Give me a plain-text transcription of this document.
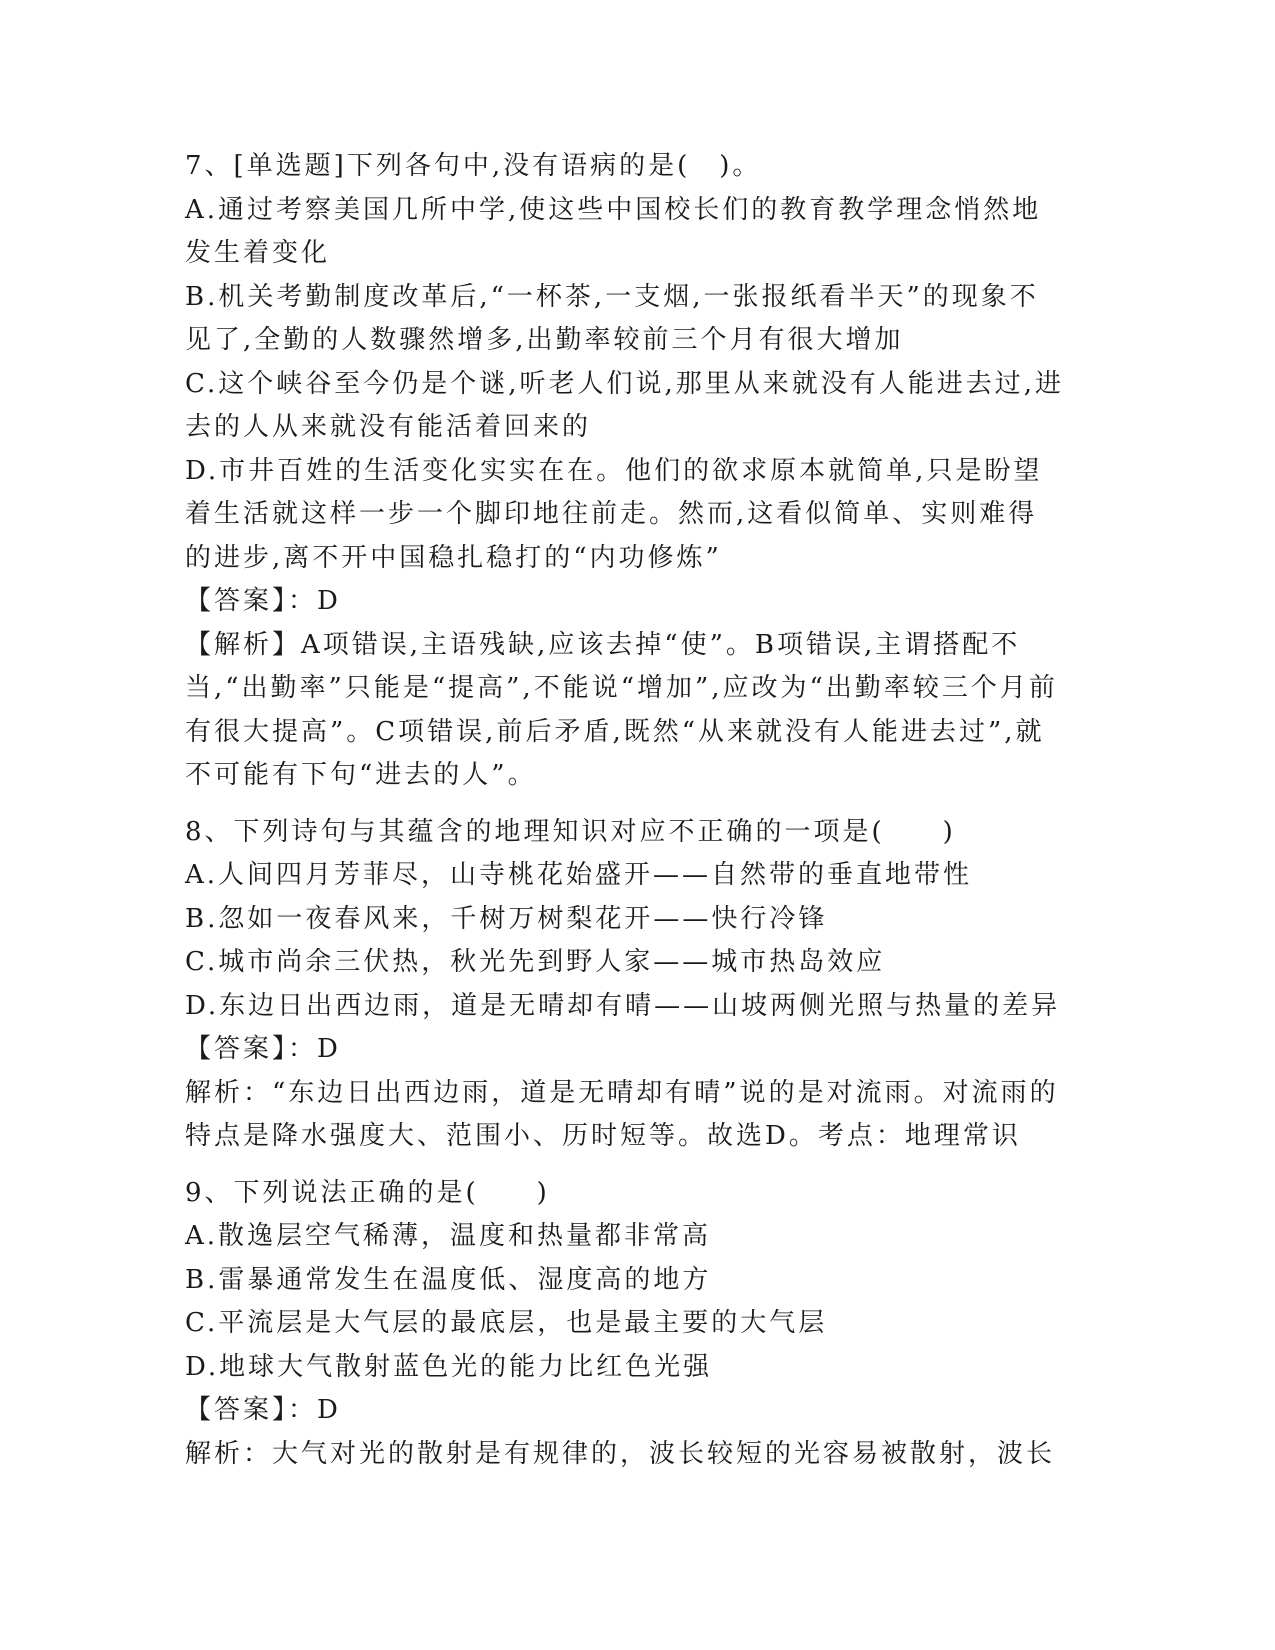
7、[单选题]下列各句中,没有语病的是(　)。
A.通过考察美国几所中学,使这些中国校长们的教育教学理念悄然地发生着变化
B.机关考勤制度改革后,“一杯茶,一支烟,一张报纸看半天”的现象不见了,全勤的人数骤然增多,出勤率较前三个月有很大增加
C.这个峡谷至今仍是个谜,听老人们说,那里从来就没有人能进去过,进去的人从来就没有能活着回来的
D.市井百姓的生活变化实实在在。他们的欲求原本就简单,只是盼望着生活就这样一步一个脚印地往前走。然而,这看似简单、实则难得的进步,离不开中国稳扎稳打的“内功修炼”
【答案】：D
【解析】A项错误,主语残缺,应该去掉“使”。B项错误,主谓搭配不当,“出勤率”只能是“提高”,不能说“增加”,应改为“出勤率较三个月前有很大提高”。C项错误,前后矛盾,既然“从来就没有人能进去过”,就不可能有下句“进去的人”。
8、下列诗句与其蕴含的地理知识对应不正确的一项是(　　)
A.人间四月芳菲尽，山寺桃花始盛开——自然带的垂直地带性
B.忽如一夜春风来，千树万树梨花开——快行冷锋
C.城市尚余三伏热，秋光先到野人家——城市热岛效应
D.东边日出西边雨，道是无晴却有晴——山坡两侧光照与热量的差异
【答案】：D
解析：“东边日出西边雨，道是无晴却有晴”说的是对流雨。对流雨的特点是降水强度大、范围小、历时短等。故选D。考点：地理常识
9、下列说法正确的是(　　)
A.散逸层空气稀薄，温度和热量都非常高
B.雷暴通常发生在温度低、湿度高的地方
C.平流层是大气层的最底层，也是最主要的大气层
D.地球大气散射蓝色光的能力比红色光强
【答案】：D
解析：大气对光的散射是有规律的，波长较短的光容易被散射，波长
